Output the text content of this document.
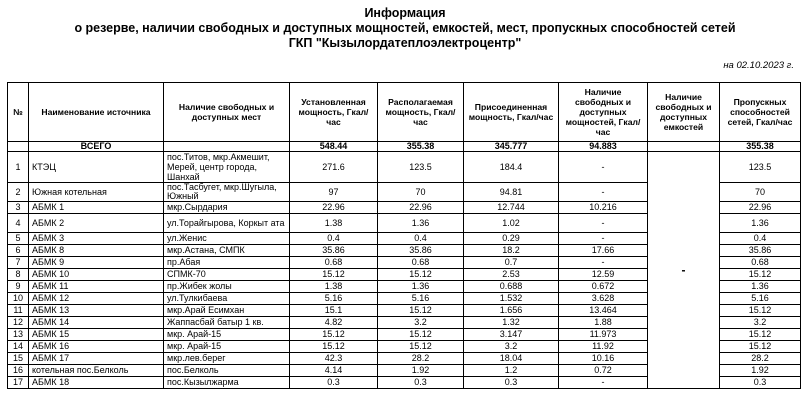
Информация
о резерве, наличии свободных и доступных мощностей, емкостей, мест, пропускных способностей сетей
ГКП "Кызылордатеплоэлектроцентр"
на 02.10.2023 г.
№	Наименование источника	Наличие свободных и доступных мест	Установленная мощность, Гкал/час	Располагаемая мощность, Гкал/час	Присоединенная мощность, Гкал/час	Наличие свободных и доступных мощностей, Гкал/час	Наличие свободных и доступных емкостей	Пропускных способностей сетей, Гкал/час
	ВСЕГО		548.44	355.38	345.777	94.883		355.38
1	КТЭЦ	пос.Титов, мкр.Акмешит, Мерей, центр города, Шанхай	271.6	123.5	184.4	-	-	123.5
2	Южная котельная	пос.Тасбугет, мкр.Шугыла, Южный	97	70	94.81	-		70
3	АБМК 1	мкр.Сырдария	22.96	22.96	12.744	10.216		22.96
4	АБМК 2	ул.Торайгырова, Коркыт ата	1.38	1.36	1.02	-		1.36
5	АБМК 3	ул.Женис	0.4	0.4	0.29	-		0.4
6	АБМК 8	мкр.Астана, СМПК	35.86	35.86	18.2	17.66		35.86
7	АБМК 9	пр.Абая	0.68	0.68	0.7	-		0.68
8	АБМК 10	СПМК-70	15.12	15.12	2.53	12.59		15.12
9	АБМК 11	пр.Жибек жолы	1.38	1.36	0.688	0.672		1.36
10	АБМК 12	ул.Тулкибаева	5.16	5.16	1.532	3.628		5.16
11	АБМК 13	мкр.Арай Есимхан	15.1	15.12	1.656	13.464		15.12
12	АБМК 14	Жаппасбай батыр 1 кв.	4.82	3.2	1.32	1.88		3.2
13	АБМК 15	мкр. Арай-15	15.12	15.12	3.147	11.973		15.12
14	АБМК 16	мкр. Арай-15	15.12	15.12	3.2	11.92		15.12
15	АБМК 17	мкр.лев.берег	42.3	28.2	18.04	10.16		28.2
16	котельная пос.Белколь	пос.Белколь	4.14	1.92	1.2	0.72		1.92
17	АБМК 18	пос.Кызылжарма	0.3	0.3	0.3	-		0.3
